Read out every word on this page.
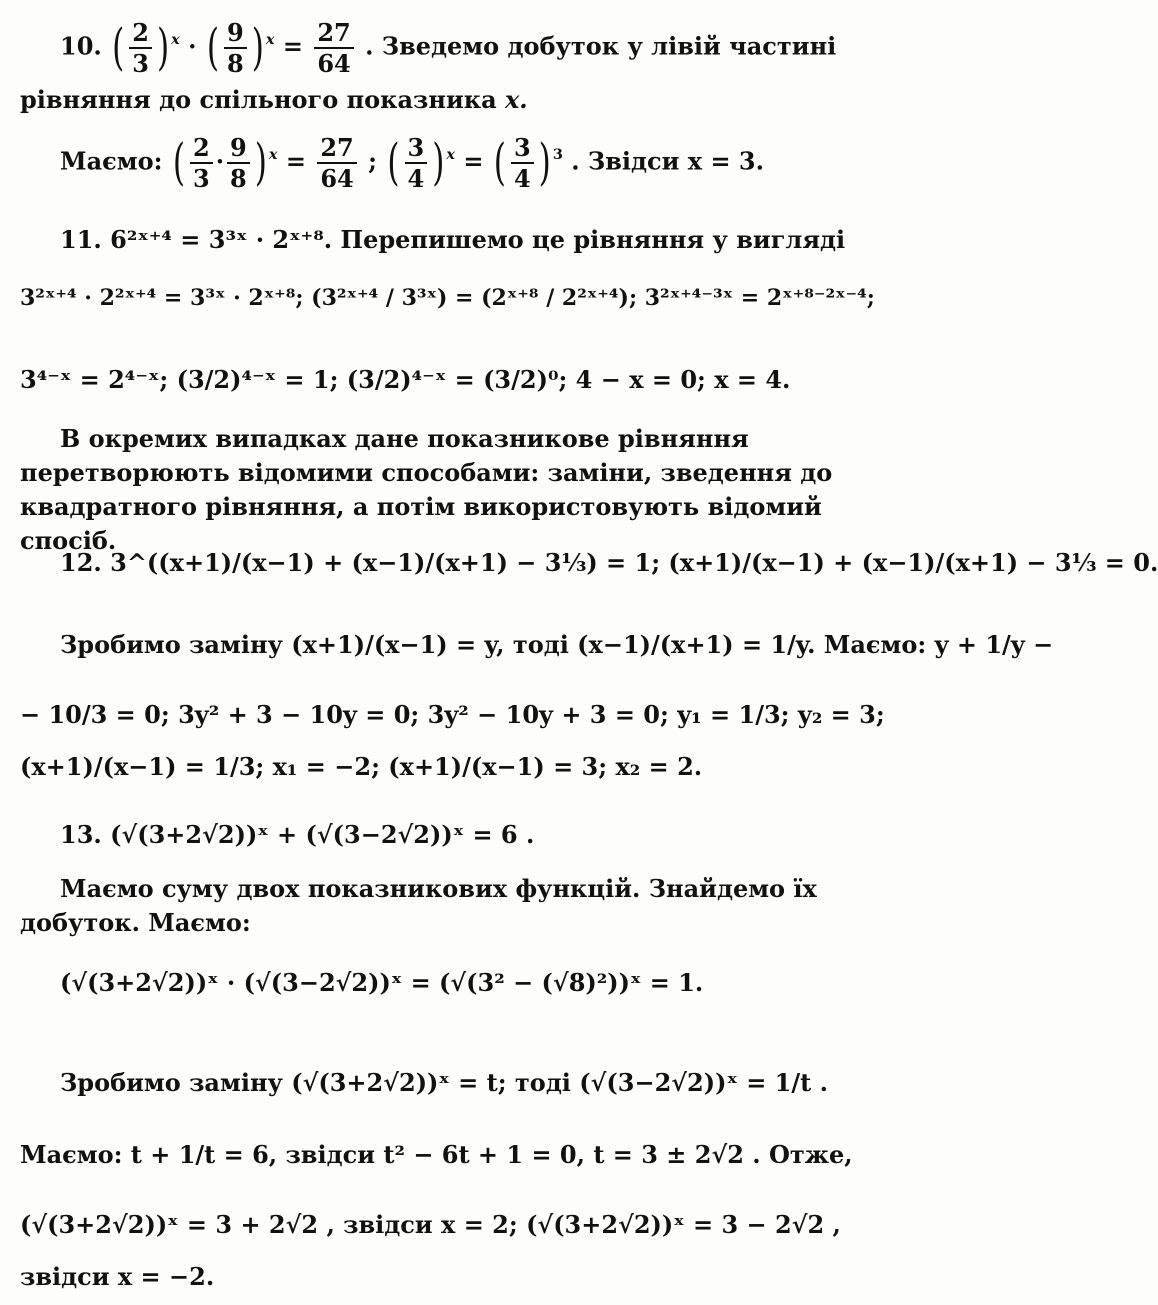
10. ( $\frac{2}{3}$ ) $^x$ · ( $\frac{9}{8}$ ) $^x = \frac{27}{64}$ . Зведемо добуток у лівій частині
рівняння до спільного показника x.
Маємо: ( $\frac{2}{3} \cdot \frac{9}{8}$ ) $^x = \frac{27}{64}$ ; ( $\frac{3}{4}$ ) $^x$ = ( $\frac{3}{4}$ ) $^3$ . Звідси x = 3.
11. 6²ˣ⁺⁴ = 3³ˣ · 2ˣ⁺⁸. Перепишемо це рівняння у вигляді
3²ˣ⁺⁴ · 2²ˣ⁺⁴ = 3³ˣ · 2ˣ⁺⁸; (3²ˣ⁺⁴ / 3³ˣ) = (2ˣ⁺⁸ / 2²ˣ⁺⁴); 3²ˣ⁺⁴⁻³ˣ = 2ˣ⁺⁸⁻²ˣ⁻⁴;
3⁴⁻ˣ = 2⁴⁻ˣ; (3/2)⁴⁻ˣ = 1; (3/2)⁴⁻ˣ = (3/2)⁰; 4 − x = 0; x = 4.
В окремих випадках дане показникове рівняння перетворюють відомими способами: заміни, зведення до квадратного рівняння, а потім використовують відомий спосіб.
12. 3^((x+1)/(x−1) + (x−1)/(x+1) − 3⅓) = 1; (x+1)/(x−1) + (x−1)/(x+1) − 3⅓ = 0.
Зробимо заміну (x+1)/(x−1) = y, тоді (x−1)/(x+1) = 1/y. Маємо: y + 1/y −
− 10/3 = 0; 3y² + 3 − 10y = 0; 3y² − 10y + 3 = 0; y₁ = 1/3; y₂ = 3;
(x+1)/(x−1) = 1/3; x₁ = −2; (x+1)/(x−1) = 3; x₂ = 2.
13. (√(3+2√2))ˣ + (√(3−2√2))ˣ = 6 .
Маємо суму двох показникових функцій. Знайдемо їх добуток. Маємо:
(√(3+2√2))ˣ · (√(3−2√2))ˣ = (√(3² − (√8)²))ˣ = 1.
Зробимо заміну (√(3+2√2))ˣ = t; тоді (√(3−2√2))ˣ = 1/t .
Маємо: t + 1/t = 6, звідси t² − 6t + 1 = 0, t = 3 ± 2√2 . Отже,
(√(3+2√2))ˣ = 3 + 2√2 , звідси x = 2; (√(3+2√2))ˣ = 3 − 2√2 ,
звідси x = −2.
